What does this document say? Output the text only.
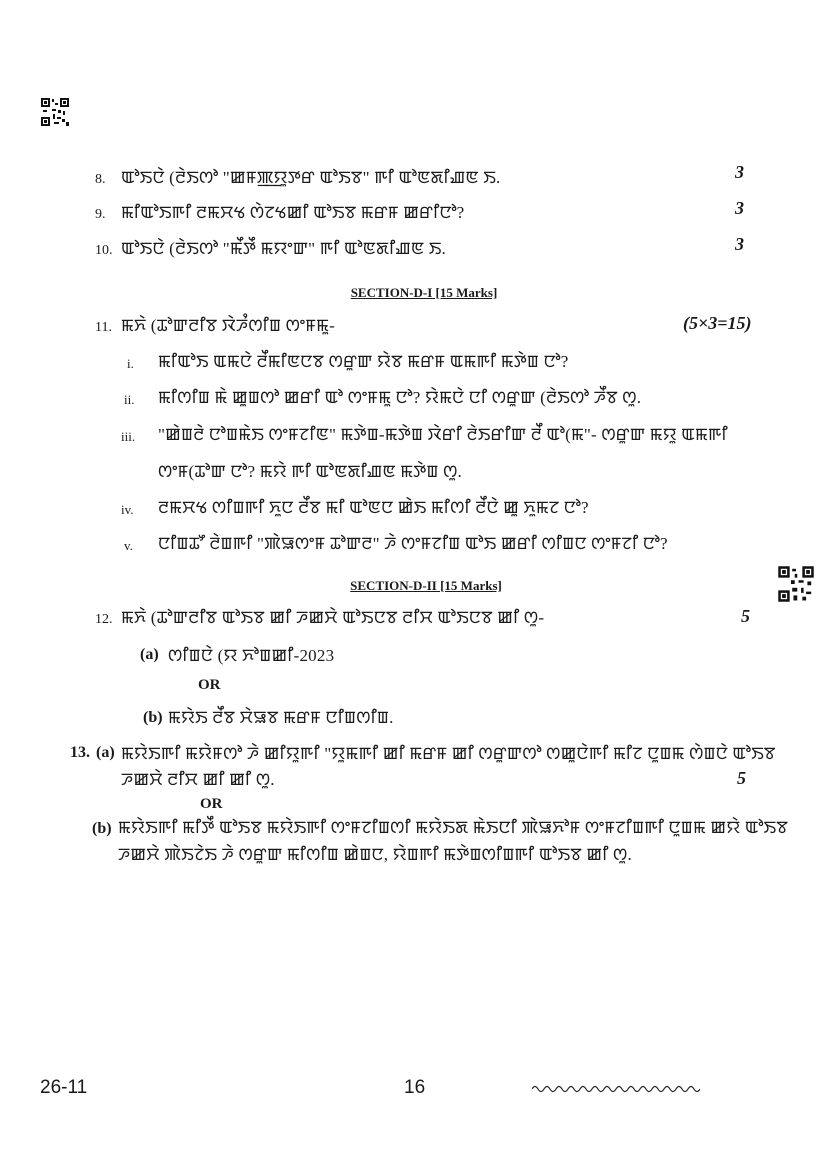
8. ꯑꯣꯏꯅꯥ (ꯂꯥꯏꯁꯣ "ꯀꯝꯄ꯭ꯌꯨꯇꯔ ꯑꯣꯏꯕ" ꯒꯤ ꯑꯣꯟꯗꯤꯉꯟ ꯏ.	3
9. ꯃꯤꯑꯣꯏꯒꯤ ꯂꯃꯆꯠ ꯁꯥꯖꯠꯀꯤ ꯑꯣꯏꯕ ꯃꯔꯝ ꯀꯔꯤꯅꯣ?	3
10. ꯑꯣꯏꯅꯥ (ꯂꯥꯏꯁꯣ "ꯃꯩꯇꯩ ꯃꯌꯦꯛ" ꯒꯤ ꯑꯣꯟꯗꯤꯉꯟ ꯏ.	3
SECTION-D-I [15 Marks]
11. ꯃꯈꯥ (ꯊꯣꯛꯂꯤꯕ ꯋꯥꯍꯪꯁꯤꯡ ꯁꯦꯝꯃꯨ-	(5×3=15)
i. ꯃꯤꯑꯣꯏ ꯑꯃꯅꯥ ꯂꯩꯃꯤꯟꯅꯕ ꯁꯔꯨꯛ ꯌꯥꯕ ꯃꯔꯝ ꯑꯃꯒꯤ ꯃꯇꯥꯡ ꯅꯣ?
ii. ꯃꯤꯁꯤꯡ ꯃꯥ ꯀꯨꯡꯁꯣ ꯀꯔꯤ ꯑꯣ ꯁꯦꯝꯃꯨ ꯅꯣ? ꯌꯥꯃꯅꯥ ꯅꯤ ꯁꯔꯨꯛ (ꯂꯥꯏꯁꯣ ꯍꯩꯕ ꯁꯨ.
iii. "ꯀꯥꯡꯂꯥ ꯅꯣꯡꯃꯥꯏ ꯁꯦꯝꯖꯤꯟ" ꯃꯇꯥꯡ-ꯃꯇꯥꯡ ꯋꯥꯔꯤ ꯂꯥꯏꯔꯤꯛ ꯂꯩ ꯑꯣ(ꯃ"- ꯁꯔꯨꯛ ꯃꯌꯨ ꯑꯃꯒꯤ
ꯁꯦꯝ(ꯊꯣꯛ ꯅꯣ? ꯃꯌꯥ ꯒꯤ ꯑꯣꯟꯗꯤꯉꯟ ꯃꯇꯥꯡ ꯁꯨ.
iv. ꯂꯃꯆꯠ ꯁꯤꯡꯒꯤ ꯈꯨꯅ ꯂꯩꯕ ꯃꯤ ꯑꯣꯟꯅ ꯀꯥꯏ ꯃꯤꯁꯤ ꯂꯩꯅꯥ ꯀꯨ ꯈꯨꯃꯖ ꯅꯣ?
v. ꯅꯤꯡꯊꯧ ꯂꯥꯡꯒꯤ "ꯄꯥꯎꯁꯦꯝ ꯊꯣꯛꯂ" ꯍꯥ ꯁꯦꯝꯖꯤꯡ ꯑꯣꯏ ꯀꯔꯤ ꯁꯤꯡꯅ ꯁꯦꯝꯖꯤ ꯅꯣ?
SECTION-D-II [15 Marks]
12. ꯃꯈꯥ (ꯊꯣꯛꯂꯤꯕ ꯑꯣꯏꯕ ꯀꯤ ꯍꯀꯆꯥ ꯑꯣꯏꯅꯕ ꯂꯤꯆ ꯑꯣꯏꯅꯕ ꯀꯤ ꯁꯨ-	5
(a) ꯁꯤꯡꯅꯥ (ꯌ ꯈꯣꯡꯀꯤ-2023
OR
(b) ꯃꯌꯥꯏ ꯂꯩꯕ ꯆꯥꯎꯕ ꯃꯔꯝ ꯅꯤꯡꯁꯤꯡ.
13. (a) ꯃꯌꯥꯏꯒꯤ ꯃꯌꯥꯝꯁꯣ ꯍꯥ ꯀꯤꯌꯨꯒꯤ "ꯌꯨꯃꯒꯤ ꯀꯤ ꯃꯔꯝ ꯀꯤ ꯁꯔꯨꯛꯁꯣ ꯁꯀꯨꯅꯥꯒꯤ ꯃꯤꯖ ꯅꯨꯡꯃ ꯁꯥꯡꯅꯥ ꯑꯣꯏꯕ
ꯍꯀꯆꯥ ꯂꯤꯆ ꯀꯤ ꯀꯤ ꯁꯨ.	5
OR
(b) ꯃꯌꯥꯏꯒꯤ ꯃꯤꯇꯩ ꯑꯣꯏꯕ ꯃꯌꯥꯏꯒꯤ ꯁꯦꯝꯖꯤꯡꯁꯤ ꯃꯌꯥꯏꯗ ꯃꯥꯏꯅꯤ ꯄꯥꯎꯈꯣꯝ ꯁꯦꯝꯖꯤꯡꯒꯤ ꯅꯨꯡꯃ ꯀꯌꯥ ꯑꯣꯏꯕ
ꯍꯀꯆꯥ ꯄꯥꯏꯖꯥꯏ ꯍꯥ ꯁꯔꯨꯛ ꯃꯤꯁꯤꯡ ꯀꯥꯡꯅ, ꯌꯥꯡꯒꯤ ꯃꯇꯥꯡꯁꯤꯡꯒꯤ ꯑꯣꯏꯕ ꯀꯤ ꯁꯨ.
26-11	16
